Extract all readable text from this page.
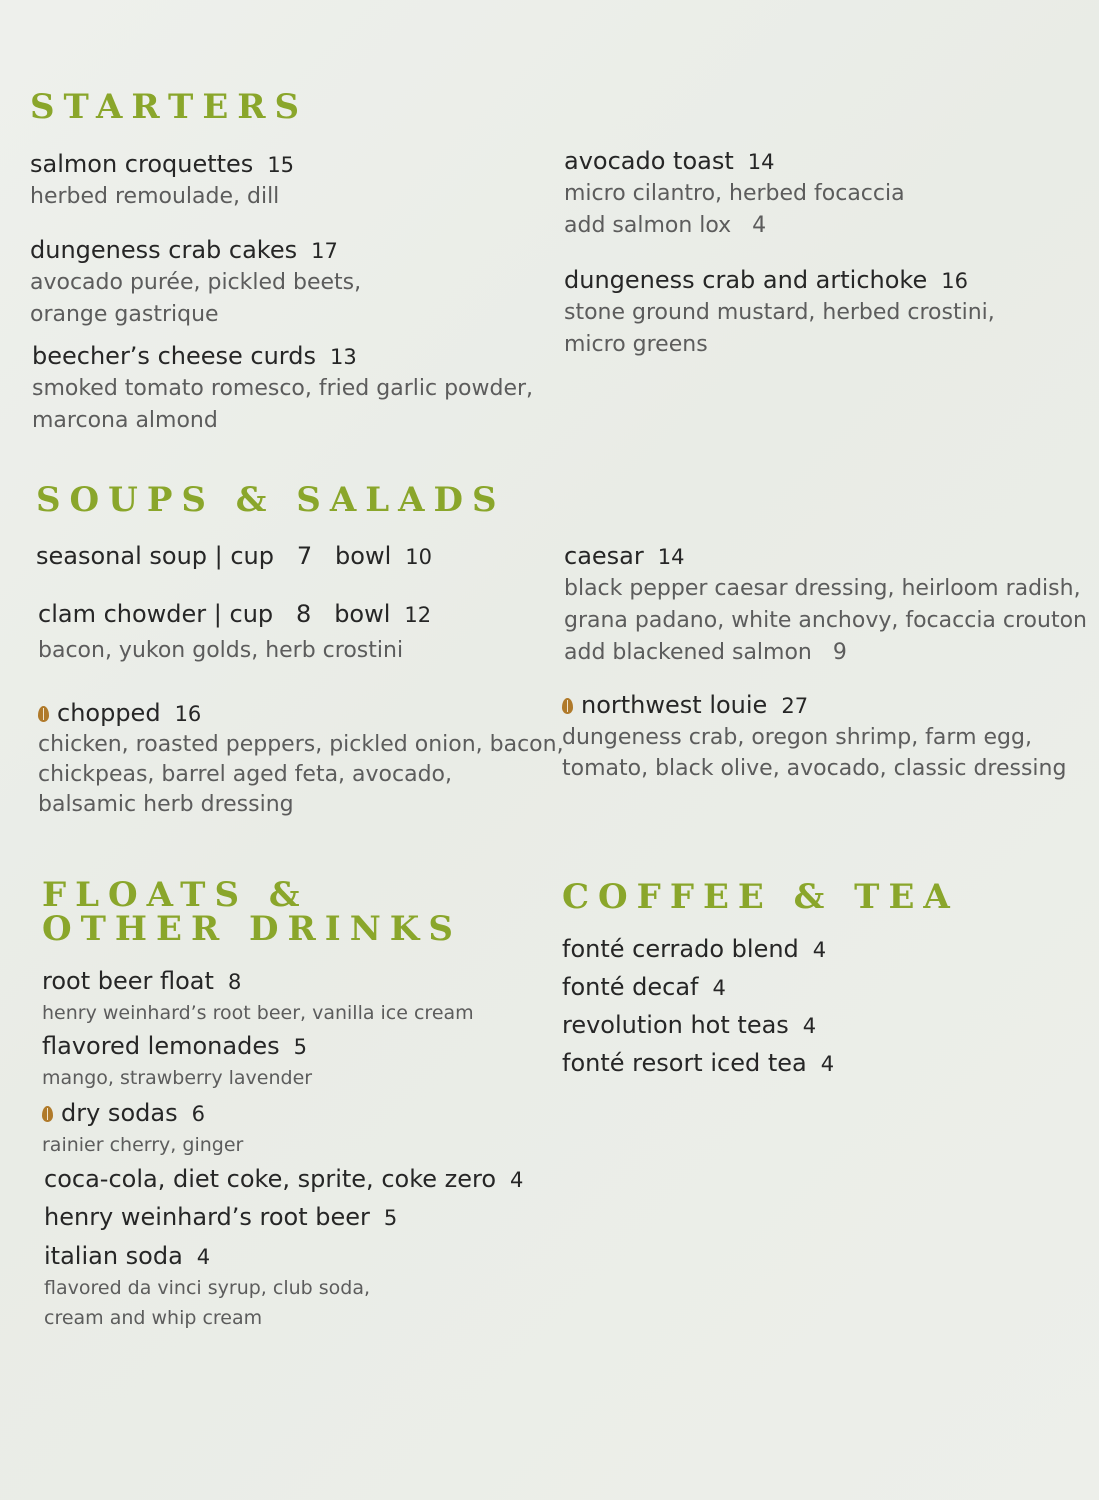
STARTERS
SOUPS & SALADS
FLOATS &
OTHER DRINKS
COFFEE & TEA
salmon croquettes 15
herbed remoulade, dill
dungeness crab cakes 17
avocado purée, pickled beets,
orange gastrique
beecher’s cheese curds 13
smoked tomato romesco, fried garlic powder,
marcona almond
avocado toast 14
micro cilantro, herbed focaccia
add salmon lox   4
dungeness crab and artichoke 16
stone ground mustard, herbed crostini,
micro greens
seasonal soup | cup   7   bowl 10
clam chowder | cup   8   bowl 12
bacon, yukon golds, herb crostini
chopped 16
chicken, roasted peppers, pickled onion, bacon,
chickpeas, barrel aged feta, avocado,
balsamic herb dressing
caesar 14
black pepper caesar dressing, heirloom radish,
grana padano, white anchovy, focaccia crouton
add blackened salmon   9
northwest louie 27
dungeness crab, oregon shrimp, farm egg,
tomato, black olive, avocado, classic dressing
root beer float 8
henry weinhard’s root beer, vanilla ice cream
flavored lemonades 5
mango, strawberry lavender
dry sodas 6
rainier cherry, ginger
coca-cola, diet coke, sprite, coke zero 4
henry weinhard’s root beer 5
italian soda 4
flavored da vinci syrup, club soda,
cream and whip cream
fonté cerrado blend 4
fonté decaf 4
revolution hot teas 4
fonté resort iced tea 4
